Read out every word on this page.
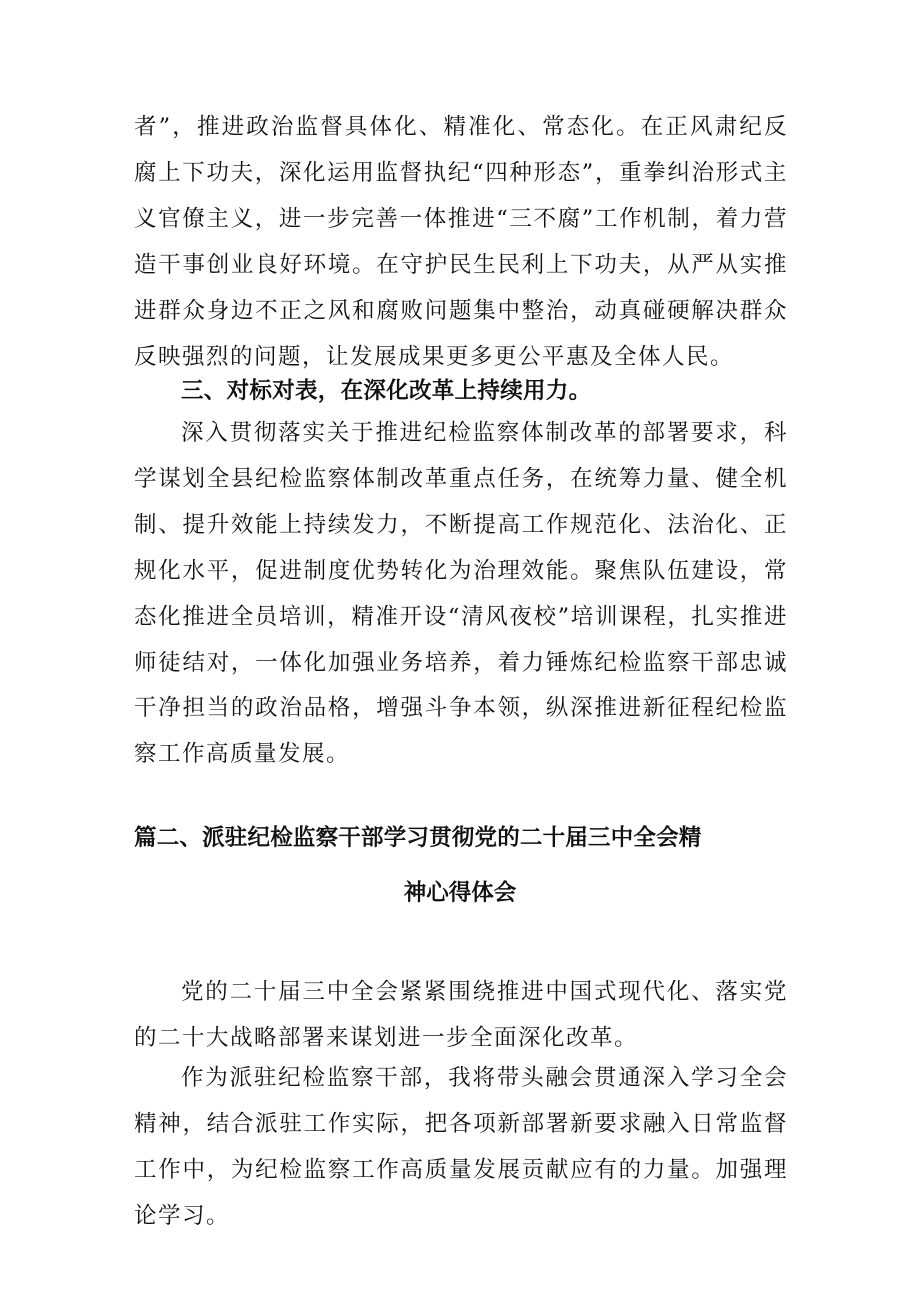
者”，推进政治监督具体化、精准化、常态化。在正风肃纪反腐上下功夫，深化运用监督执纪“四种形态”，重拳纠治形式主义官僚主义，进一步完善一体推进“三不腐”工作机制，着力营造干事创业良好环境。在守护民生民利上下功夫，从严从实推进群众身边不正之风和腐败问题集中整治，动真碰硬解决群众反映强烈的问题，让发展成果更多更公平惠及全体人民。

三、对标对表，在深化改革上持续用力。

深入贯彻落实关于推进纪检监察体制改革的部署要求，科学谋划全县纪检监察体制改革重点任务，在统筹力量、健全机制、提升效能上持续发力，不断提高工作规范化、法治化、正规化水平，促进制度优势转化为治理效能。聚焦队伍建设，常态化推进全员培训，精准开设“清风夜校”培训课程，扎实推进师徒结对，一体化加强业务培养，着力锤炼纪检监察干部忠诚干净担当的政治品格，增强斗争本领，纵深推进新征程纪检监察工作高质量发展。

篇二、派驻纪检监察干部学习贯彻党的二十届三中全会精
神心得体会

党的二十届三中全会紧紧围绕推进中国式现代化、落实党的二十大战略部署来谋划进一步全面深化改革。

作为派驻纪检监察干部，我将带头融会贯通深入学习全会精神，结合派驻工作实际，把各项新部署新要求融入日常监督工作中，为纪检监察工作高质量发展贡献应有的力量。加强理论学习。
